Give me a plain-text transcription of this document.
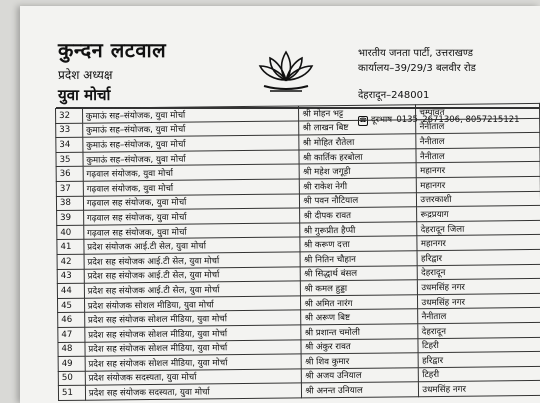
कुन्दन लटवाल
प्रदेश अध्यक्ष
युवा मोर्चा
भारतीय जनता पार्टी, उत्तराखण्ड
कार्यालय–39/29/3 बलवीर रोड
देहरादून–248001
☎ दूरभाष–0135–2671306, 8057215121
32	कुमाऊं सह–संयोजक, युवा मोर्चा	श्री मोहन भट्ट	चम्पावत
33	कुमाऊं सह–संयोजक, युवा मोर्चा	श्री लाखन बिष्ट	नैनीताल
34	कुमाऊं सह–संयोजक, युवा मोर्चा	श्री मोहित रौतेला	नैनीताल
35	कुमाऊं सह–संयोजक, युवा मोर्चा	श्री कार्तिक हरबोला	नैनीताल
36	गढ़वाल संयोजक, युवा मोर्चा	श्री महेश जगूड़ी	महानगर
37	गढ़वाल संयोजक, युवा मोर्चा	श्री राकेश नेगी	महानगर
38	गढ़वाल सह संयोजक, युवा मोर्चा	श्री पवन नौटियाल	उत्तरकाशी
39	गढ़वाल सह संयोजक, युवा मोर्चा	श्री दीपक रावत	रूद्रप्रयाग
40	गढ़वाल सह संयोजक, युवा मोर्चा	श्री गुरूप्रीत हैप्पी	देहरादून जिला
41	प्रदेश संयोजक आई.टी सेल, युवा मोर्चा	श्री करूण दत्ता	महानगर
42	प्रदेश सह संयोजक आई.टी सेल, युवा मोर्चा	श्री नितिन चौहान	हरिद्वार
43	प्रदेश सह संयोजक आई.टी सेल, युवा मोर्चा	श्री सिद्धार्थ बंसल	देहरादून
44	प्रदेश सह संयोजक आई.टी सेल, युवा मोर्चा	श्री कमल हुड्डा	उधमसिंह नगर
45	प्रदेश संयोजक सोशल मीडिया, युवा मोर्चा	श्री अमित नारंग	उधमसिंह नगर
46	प्रदेश सह संयोजक सोशल मीडिया, युवा मोर्चा	श्री अरूण बिष्ट	नैनीताल
47	प्रदेश सह संयोजक सोशल मीडिया, युवा मोर्चा	श्री प्रशान्त चमोली	देहरादून
48	प्रदेश सह संयोजक सोशल मीडिया, युवा मोर्चा	श्री अंकुर रावत	टिहरी
49	प्रदेश सह संयोजक सोशल मीडिया, युवा मोर्चा	श्री शिव कुमार	हरिद्वार
50	प्रदेश संयोजक सदस्यता, युवा मोर्चा	श्री अजय उनियाल	टिहरी
51	प्रदेश सह संयोजक सदस्यता, युवा मोर्चा	श्री अनन्त उनियाल	उधमसिंह नगर
